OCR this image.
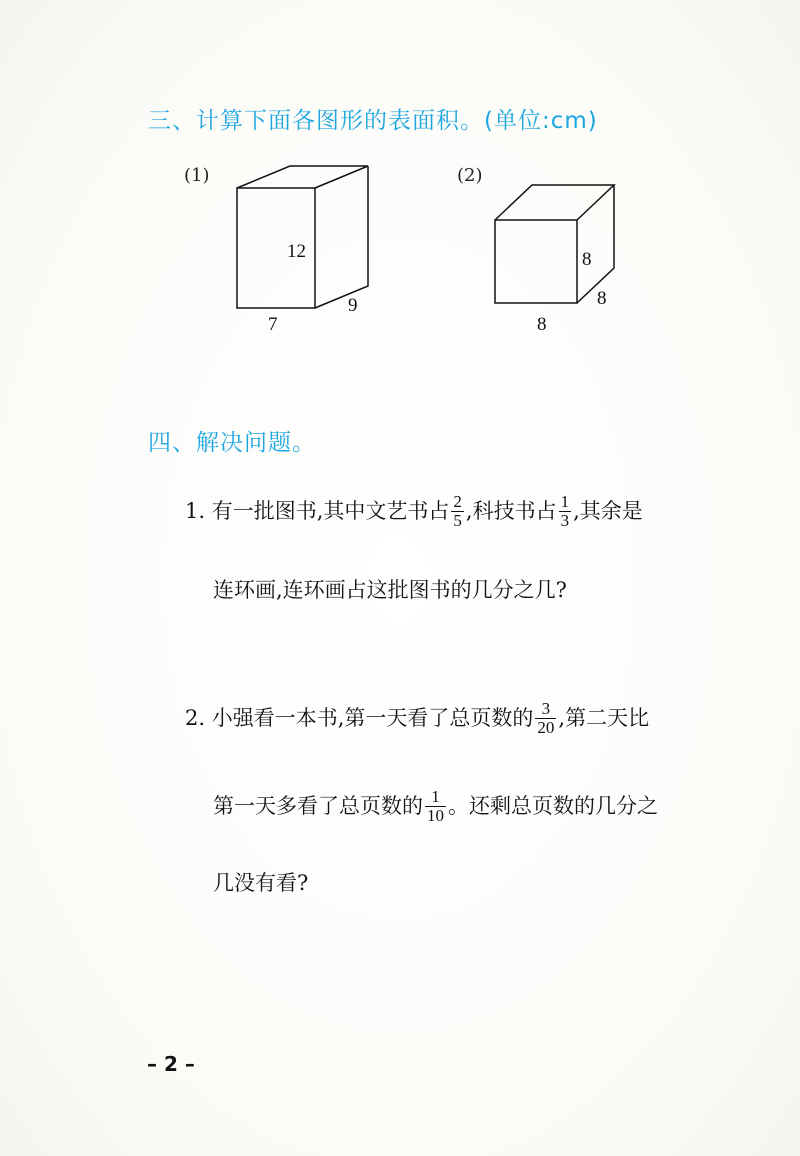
三、计算下面各图形的表面积。(单位:cm)
(1)
12
9
7
(2)
8
8
8
四、解决问题。
1. 有一批图书,其中文艺书占 $\frac{2}{5}$ ,科技书占 $\frac{1}{3}$ ,其余是
连环画,连环画占这批图书的几分之几?
2. 小强看一本书,第一天看了总页数的 $\frac{3}{20}$ ,第二天比
第一天多看了总页数的 $\frac{1}{10}$ 。还剩总页数的几分之
几没有看?
– 2 –
